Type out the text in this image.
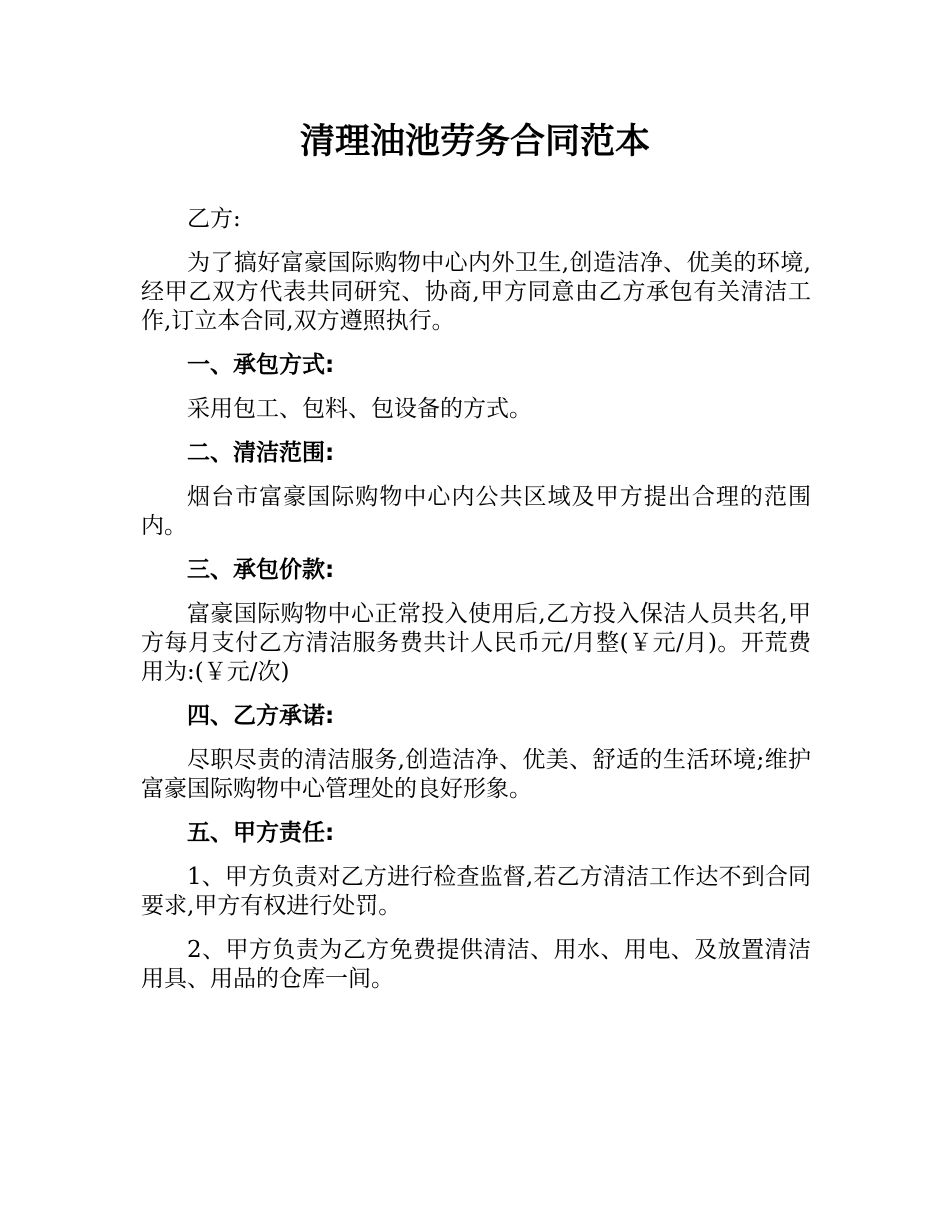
清理油池劳务合同范本

乙方:

为了搞好富豪国际购物中心内外卫生,创造洁净、优美的环境,经甲乙双方代表共同研究、协商,甲方同意由乙方承包有关清洁工作,订立本合同,双方遵照执行。

一、承包方式:

采用包工、包料、包设备的方式。

二、清洁范围:

烟台市富豪国际购物中心内公共区域及甲方提出合理的范围内。

三、承包价款:

富豪国际购物中心正常投入使用后,乙方投入保洁人员共名,甲方每月支付乙方清洁服务费共计人民币元/月整(￥元/月)。开荒费用为:(￥元/次)

四、乙方承诺:

尽职尽责的清洁服务,创造洁净、优美、舒适的生活环境;维护富豪国际购物中心管理处的良好形象。

五、甲方责任:

1、甲方负责对乙方进行检查监督,若乙方清洁工作达不到合同要求,甲方有权进行处罚。

2、甲方负责为乙方免费提供清洁、用水、用电、及放置清洁用具、用品的仓库一间。
